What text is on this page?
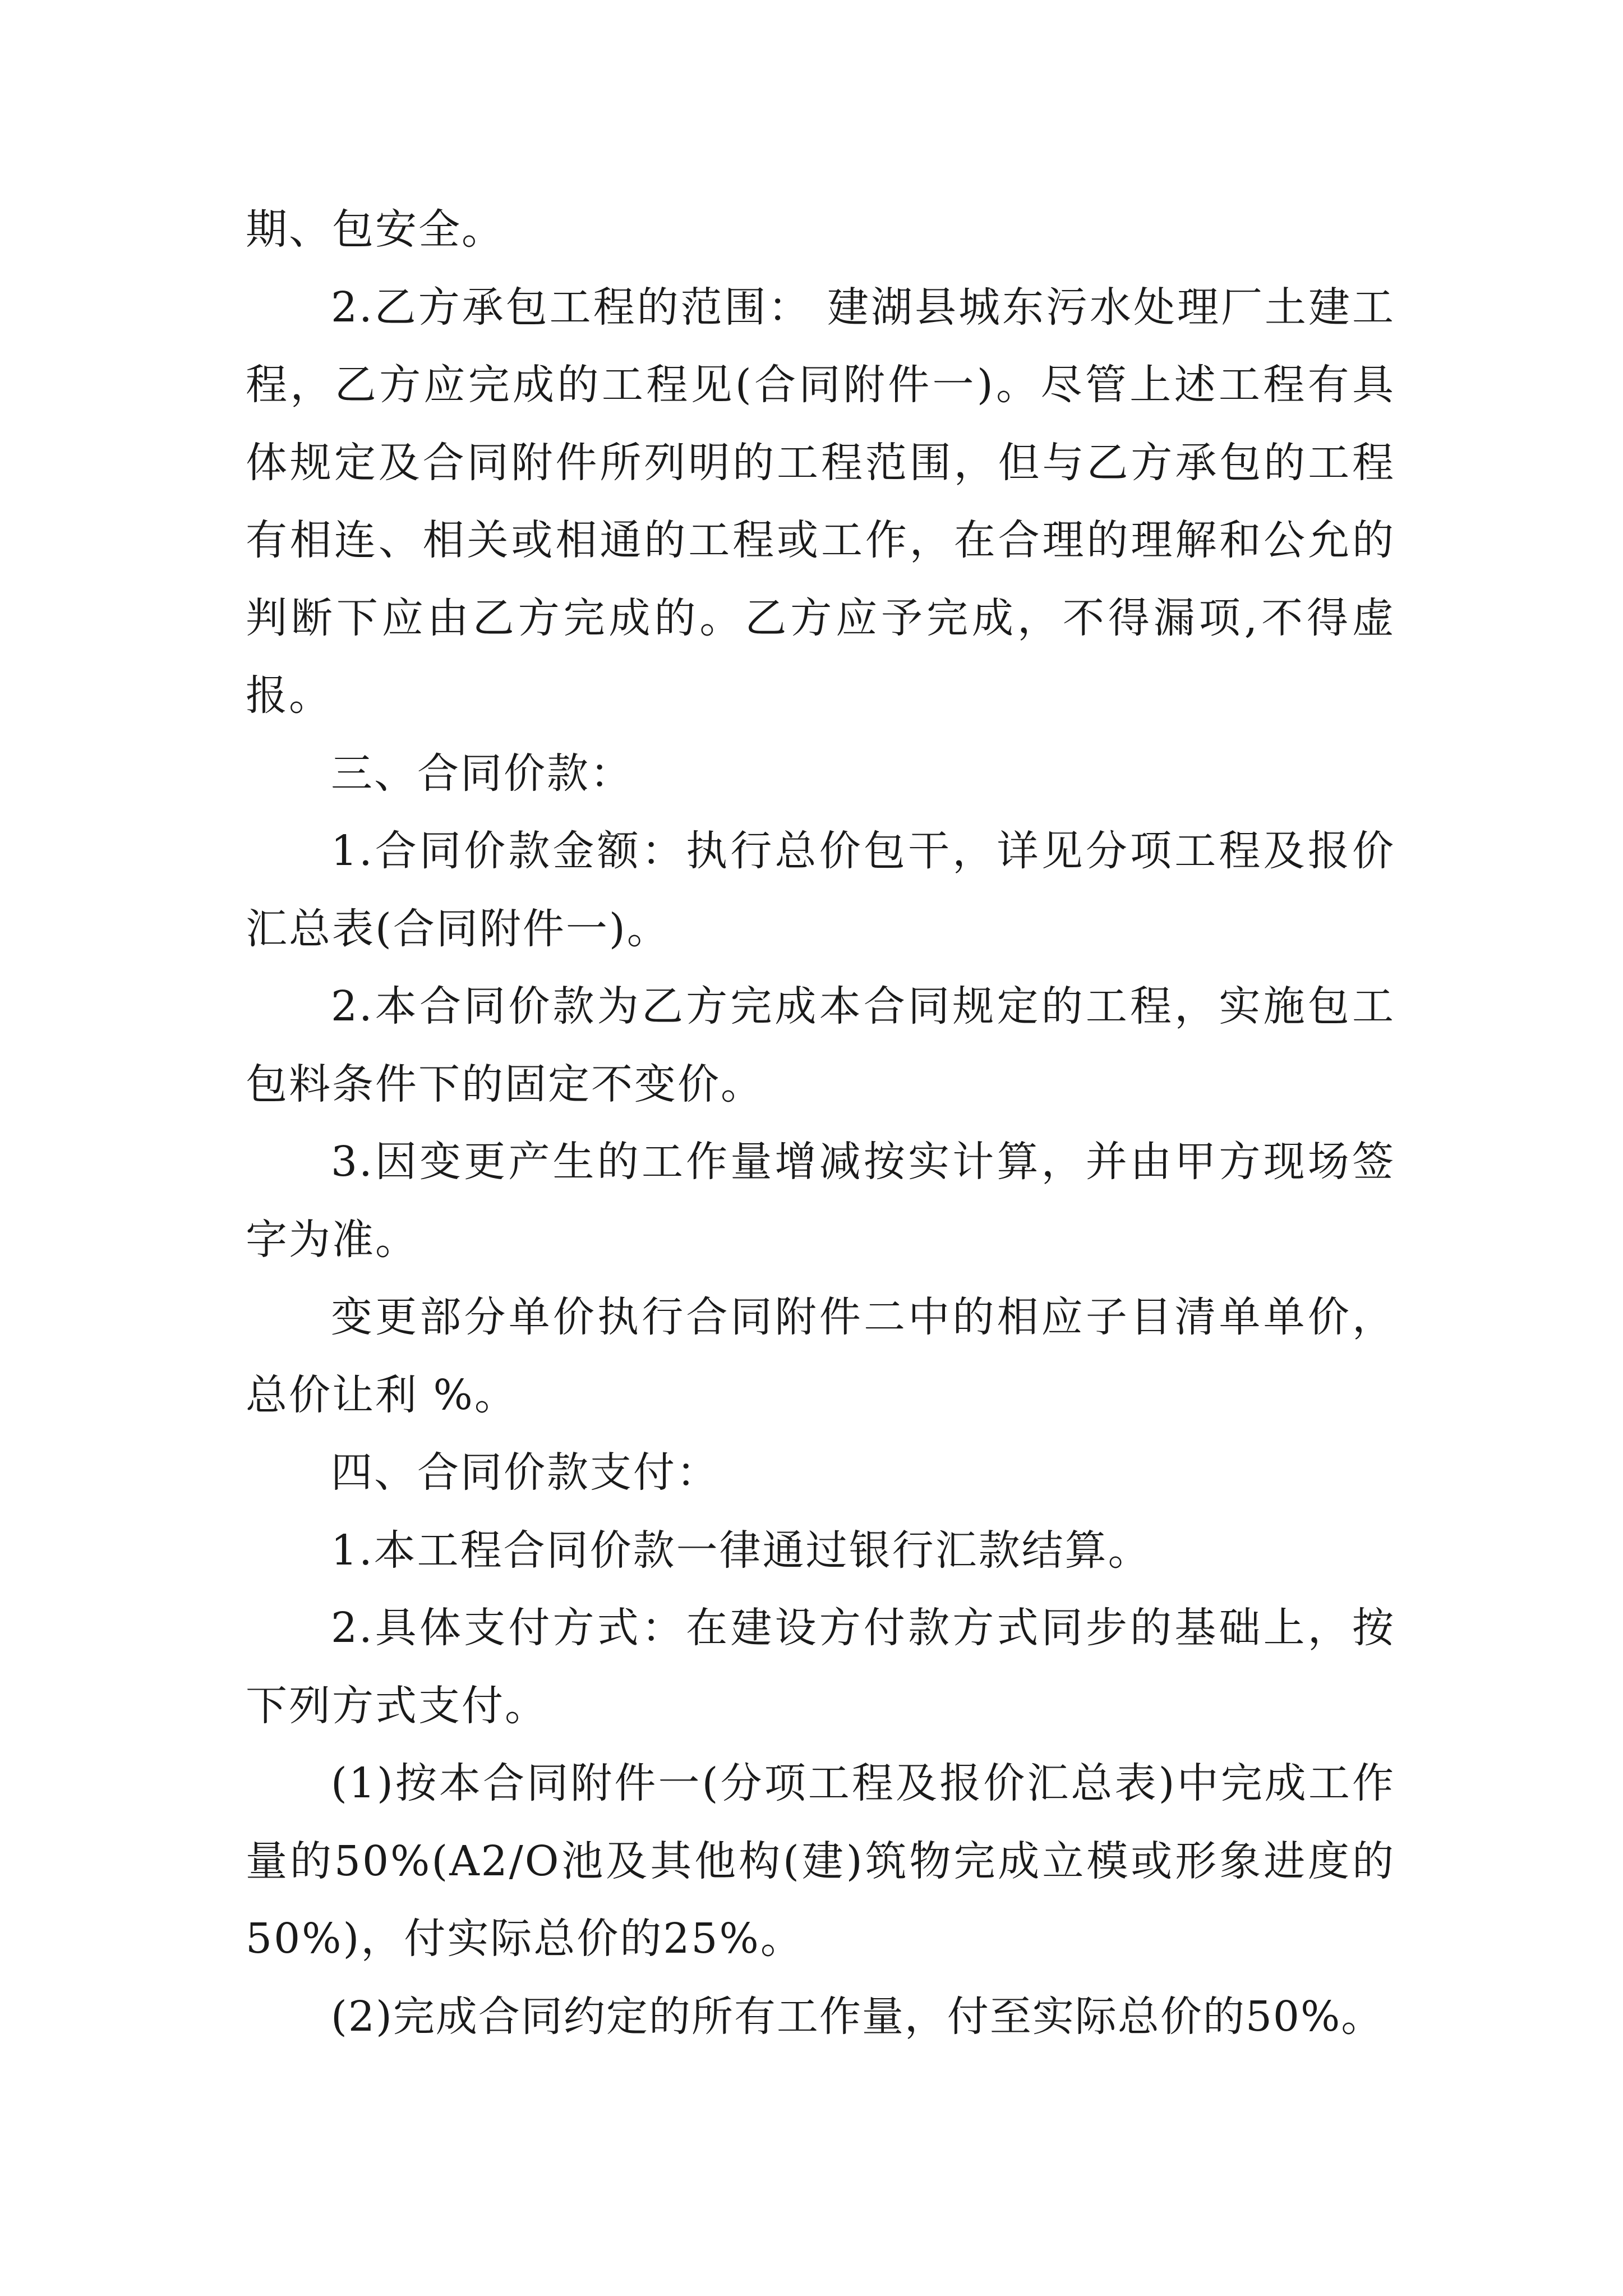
期、包安全。

2.乙方承包工程的范围： 建湖县城东污水处理厂土建工程，乙方应完成的工程见(合同附件一)。尽管上述工程有具体规定及合同附件所列明的工程范围，但与乙方承包的工程有相连、相关或相通的工程或工作，在合理的理解和公允的判断下应由乙方完成的。乙方应予完成，不得漏项,不得虚报。

三、合同价款：

1.合同价款金额：执行总价包干，详见分项工程及报价汇总表(合同附件一)。

2.本合同价款为乙方完成本合同规定的工程，实施包工包料条件下的固定不变价。

3.因变更产生的工作量增减按实计算，并由甲方现场签字为准。

变更部分单价执行合同附件二中的相应子目清单单价，总价让利 %。

四、合同价款支付：

1.本工程合同价款一律通过银行汇款结算。

2.具体支付方式：在建设方付款方式同步的基础上，按下列方式支付。

(1)按本合同附件一(分项工程及报价汇总表)中完成工作量的50%(A2/O池及其他构(建)筑物完成立模或形象进度的50%)，付实际总价的25%。

(2)完成合同约定的所有工作量，付至实际总价的50%。
